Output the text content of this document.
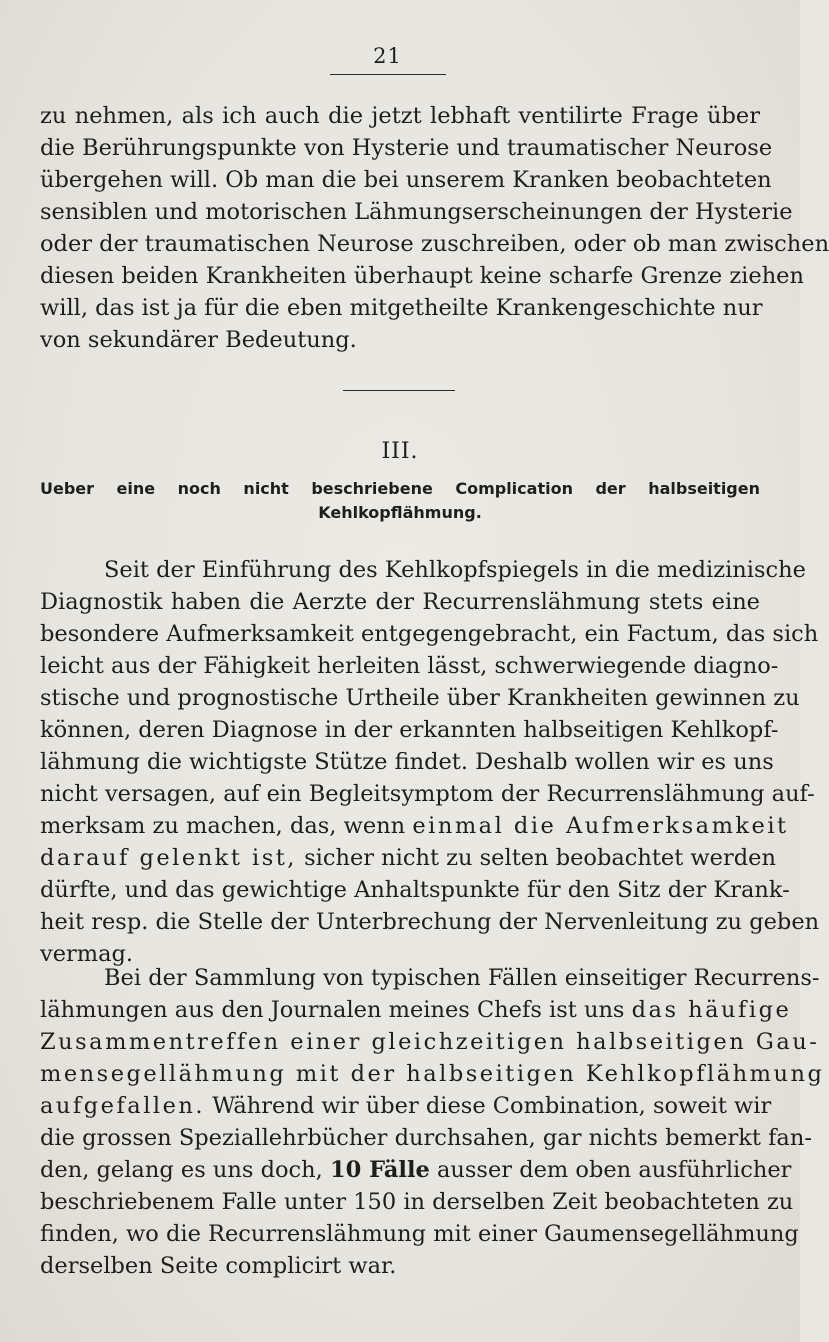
21
zu nehmen, als ich auch die jetzt lebhaft ventilirte Frage über
die Berührungspunkte von Hysterie und traumatischer Neurose
übergehen will. Ob man die bei unserem Kranken beobachteten
sensiblen und motorischen Lähmungserscheinungen der Hysterie
oder der traumatischen Neurose zuschreiben, oder ob man zwischen
diesen beiden Krankheiten überhaupt keine scharfe Grenze ziehen
will, das ist ja für die eben mitgetheilte Krankengeschichte nur
von sekundärer Bedeutung.
III.
Ueber eine noch nicht beschriebene Complication der halbseitigen
Kehlkopflähmung.
Seit der Einführung des Kehlkopfspiegels in die medizinische
Diagnostik haben die Aerzte der Recurrenslähmung stets eine
besondere Aufmerksamkeit entgegengebracht, ein Factum, das sich
leicht aus der Fähigkeit herleiten lässt, schwerwiegende diagno-
stische und prognostische Urtheile über Krankheiten gewinnen zu
können, deren Diagnose in der erkannten halbseitigen Kehlkopf-
lähmung die wichtigste Stütze findet. Deshalb wollen wir es uns
nicht versagen, auf ein Begleitsymptom der Recurrenslähmung auf-
merksam zu machen, das, wenn einmal die Aufmerksamkeit
darauf gelenkt ist, sicher nicht zu selten beobachtet werden
dürfte, und das gewichtige Anhaltspunkte für den Sitz der Krank-
heit resp. die Stelle der Unterbrechung der Nervenleitung zu geben
vermag.
Bei der Sammlung von typischen Fällen einseitiger Recurrens-
lähmungen aus den Journalen meines Chefs ist uns das häufige
Zusammentreffen einer gleichzeitigen halbseitigen Gau-
mensegellähmung mit der halbseitigen Kehlkopflähmung
aufgefallen. Während wir über diese Combination, soweit wir
die grossen Speziallehrbücher durchsahen, gar nichts bemerkt fan-
den, gelang es uns doch, 10 Fälle ausser dem oben ausführlicher
beschriebenem Falle unter 150 in derselben Zeit beobachteten zu
finden, wo die Recurrenslähmung mit einer Gaumensegellähmung
derselben Seite complicirt war.
